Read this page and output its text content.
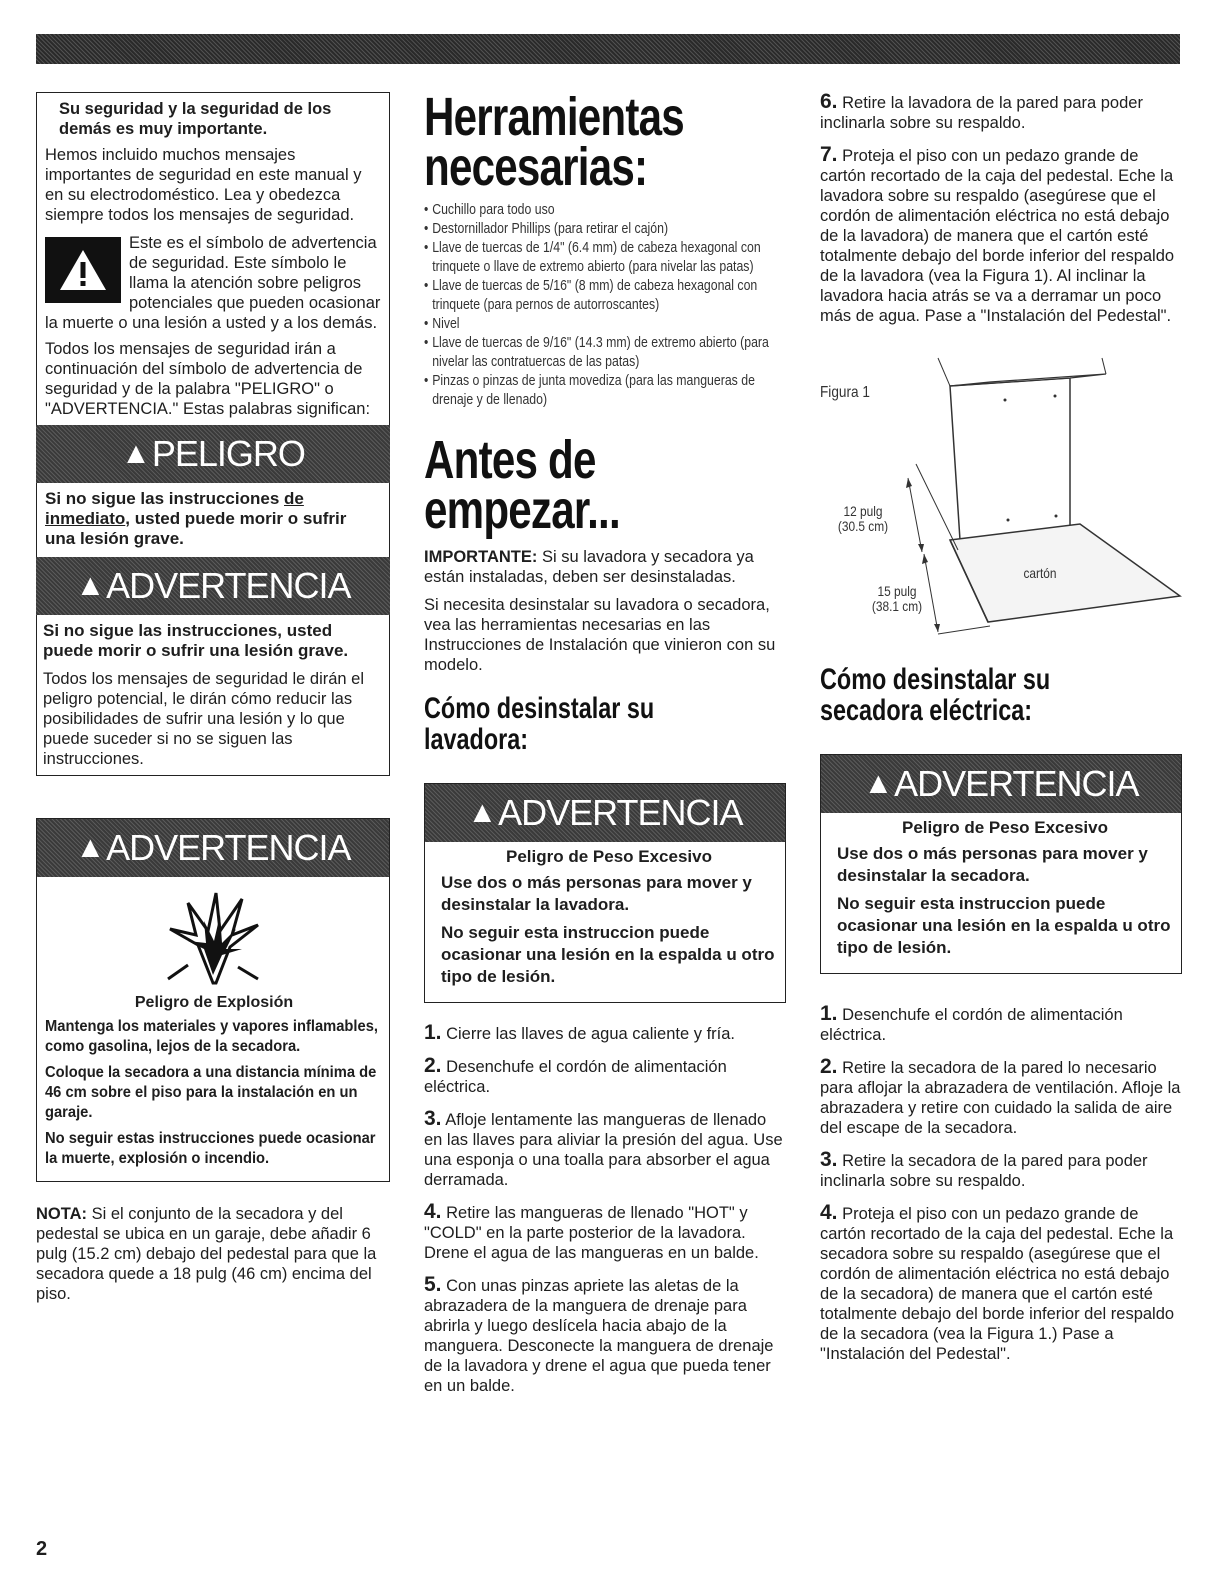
Su seguridad y la seguridad de los demás es muy importante.

Hemos incluido muchos mensajes importantes de seguridad en este manual y en su electrodoméstico. Lea y obedezca siempre todos los mensajes de seguridad.

Este es el símbolo de advertencia de seguridad. Este símbolo le llama la atención sobre peligros potenciales que pueden ocasionar la muerte o una lesión a usted y a los demás.

Todos los mensajes de seguridad irán a continuación del símbolo de advertencia de seguridad y de la palabra "PELIGRO" o "ADVERTENCIA." Estas palabras significan:

▲ PELIGRO
Si no sigue las instrucciones de inmediato, usted puede morir o sufrir una lesión grave.
▲ ADVERTENCIA

Si no sigue las instrucciones, usted puede morir o sufrir una lesión grave.

Todos los mensajes de seguridad le dirán el peligro potencial, le dirán cómo reducir las posibilidades de sufrir una lesión y lo que puede suceder si no se siguen las instrucciones.

▲ ADVERTENCIA

Peligro de Explosión

Mantenga los materiales y vapores inflamables, como gasolina, lejos de la secadora.

Coloque la secadora a una distancia mínima de 46 cm sobre el piso para la instalación en un garaje.

No seguir estas instrucciones puede ocasionar la muerte, explosión o incendio.

NOTA: Si el conjunto de la secadora y del pedestal se ubica en un garaje, debe añadir 6 pulg (15.2 cm) debajo del pedestal para que la secadora quede a 18 pulg (46 cm) encima del piso.

Herramientas
necesarias:
• Cuchillo para todo uso
• Destornillador Phillips (para retirar el cajón)
• Llave de tuercas de 1/4" (6.4 mm) de cabeza hexagonal con trinquete o llave de extremo abierto (para nivelar las patas)
• Llave de tuercas de 5/16" (8 mm) de cabeza hexagonal con trinquete (para pernos de autorroscantes)
• Nivel
• Llave de tuercas de 9/16" (14.3 mm) de extremo abierto (para nivelar las contratuercas de las patas)
• Pinzas o pinzas de junta movediza (para las mangueras de drenaje y de llenado)
Antes de
empezar...

IMPORTANTE: Si su lavadora y secadora ya están instaladas, deben ser desinstaladas.

Si necesita desinstalar su lavadora o secadora, vea las herramientas necesarias en las Instrucciones de Instalación que vinieron con su modelo.

Cómo desinstalar su
lavadora:
▲ ADVERTENCIA

Peligro de Peso Excesivo

Use dos o más personas para mover y desinstalar la lavadora.

No seguir esta instruccion puede ocasionar una lesión en la espalda u otro tipo de lesión.

1. Cierre las llaves de agua caliente y fría.

2. Desenchufe el cordón de alimentación eléctrica.

3. Afloje lentamente las mangueras de llenado en las llaves para aliviar la presión del agua. Use una esponja o una toalla para absorber el agua derramada.

4. Retire las mangueras de llenado "HOT" y "COLD" en la parte posterior de la lavadora. Drene el agua de las mangueras en un balde.

5. Con unas pinzas apriete las aletas de la abrazadera de la manguera de drenaje para abrirla y luego deslícela hacia abajo de la manguera. Desconecte la manguera de drenaje de la lavadora y drene el agua que pueda tener en un balde.

6. Retire la lavadora de la pared para poder inclinarla sobre su respaldo.

7. Proteja el piso con un pedazo grande de cartón recortado de la caja del pedestal. Eche la lavadora sobre su respaldo (asegúrese que el cordón de alimentación eléctrica no está debajo de la lavadora) de manera que el cartón esté totalmente debajo del borde inferior del respaldo de la lavadora (vea la Figura 1). Al inclinar la lavadora hacia atrás se va a derramar un poco más de agua. Pase a "Instalación del Pedestal".

Figura 1
12 pulg
(30.5 cm)
15 pulg
(38.1 cm)
cartón
Cómo desinstalar su
secadora eléctrica:
▲ ADVERTENCIA

Peligro de Peso Excesivo

Use dos o más personas para mover y desinstalar la secadora.

No seguir esta instruccion puede ocasionar una lesión en la espalda u otro tipo de lesión.

1. Desenchufe el cordón de alimentación eléctrica.

2. Retire la secadora de la pared lo necesario para aflojar la abrazadera de ventilación. Afloje la abrazadera y retire con cuidado la salida de aire del escape de la secadora.

3. Retire la secadora de la pared para poder inclinarla sobre su respaldo.

4. Proteja el piso con un pedazo grande de cartón recortado de la caja del pedestal. Eche la secadora sobre su respaldo (asegúrese que el cordón de alimentación eléctrica no está debajo de la secadora) de manera que el cartón esté totalmente debajo del borde inferior del respaldo de la secadora (vea la Figura 1.) Pase a "Instalación del Pedestal".

2
